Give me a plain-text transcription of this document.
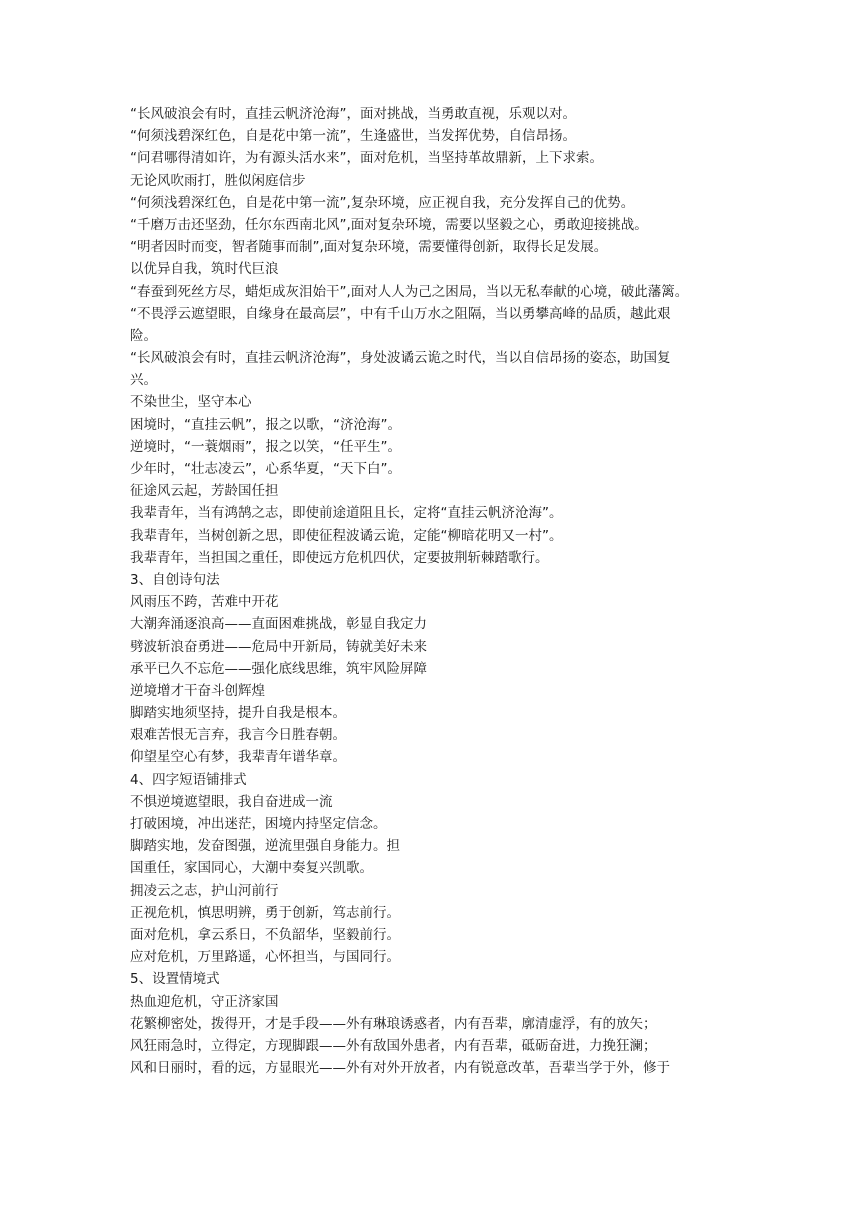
“长风破浪会有时，直挂云帆济沧海”，面对挑战，当勇敢直视，乐观以对。
“何须浅碧深红色，自是花中第一流”，生逢盛世，当发挥优势，自信昂扬。
“问君哪得清如许，为有源头活水来”，面对危机，当坚持革故鼎新，上下求索。
无论风吹雨打，胜似闲庭信步
“何须浅碧深红色，自是花中第一流”,复杂环境，应正视自我，充分发挥自己的优势。
“千磨万击还坚劲，任尔东西南北风”,面对复杂环境，需要以坚毅之心，勇敢迎接挑战。
“明者因时而变，智者随事而制”,面对复杂环境，需要懂得创新，取得长足发展。
以优异自我，筑时代巨浪
“春蚕到死丝方尽，蜡炬成灰泪始干”,面对人人为己之困局，当以无私奉献的心境，破此藩篱。
“不畏浮云遮望眼，自缘身在最高层”，中有千山万水之阻隔，当以勇攀高峰的品质，越此艰
险。
“长风破浪会有时，直挂云帆济沧海”，身处波谲云诡之时代，当以自信昂扬的姿态，助国复
兴。
不染世尘，坚守本心
困境时，“直挂云帆”，报之以歌，“济沧海”。
逆境时，“一蓑烟雨”，报之以笑，“任平生”。
少年时，“壮志凌云”，心系华夏，“天下白”。
征途风云起，芳龄国任担
我辈青年，当有鸿鹄之志，即使前途道阻且长，定将“直挂云帆济沧海”。
我辈青年，当树创新之思，即使征程波谲云诡，定能“柳暗花明又一村”。
我辈青年，当担国之重任，即使远方危机四伏，定要披荆斩棘踏歌行。
3、自创诗句法
风雨压不跨，苦难中开花
大潮奔涌逐浪高——直面困难挑战，彰显自我定力
劈波斩浪奋勇进——危局中开新局，铸就美好未来
承平已久不忘危——强化底线思维，筑牢风险屏障
逆境增才干奋斗创辉煌
脚踏实地须坚持，提升自我是根本。
艰难苦恨无言弃，我言今日胜春朝。
仰望星空心有梦，我辈青年谱华章。
4、四字短语铺排式
不惧逆境遮望眼，我自奋进成一流
打破困境，冲出迷茫，困境内持坚定信念。
脚踏实地，发奋图强，逆流里强自身能力。担
国重任，家国同心，大潮中奏复兴凯歌。
拥凌云之志，护山河前行
正视危机，慎思明辨，勇于创新，笃志前行。
面对危机，拿云系日，不负韶华，坚毅前行。
应对危机，万里路遥，心怀担当，与国同行。
5、设置情境式
热血迎危机，守正济家国
花繁柳密处，拨得开，才是手段——外有琳琅诱惑者，内有吾辈，廓清虚浮，有的放矢；
风狂雨急时，立得定，方现脚跟——外有敌国外患者，内有吾辈，砥砺奋进，力挽狂澜；
风和日丽时，看的远，方显眼光——外有对外开放者，内有锐意改革，吾辈当学于外，修于
